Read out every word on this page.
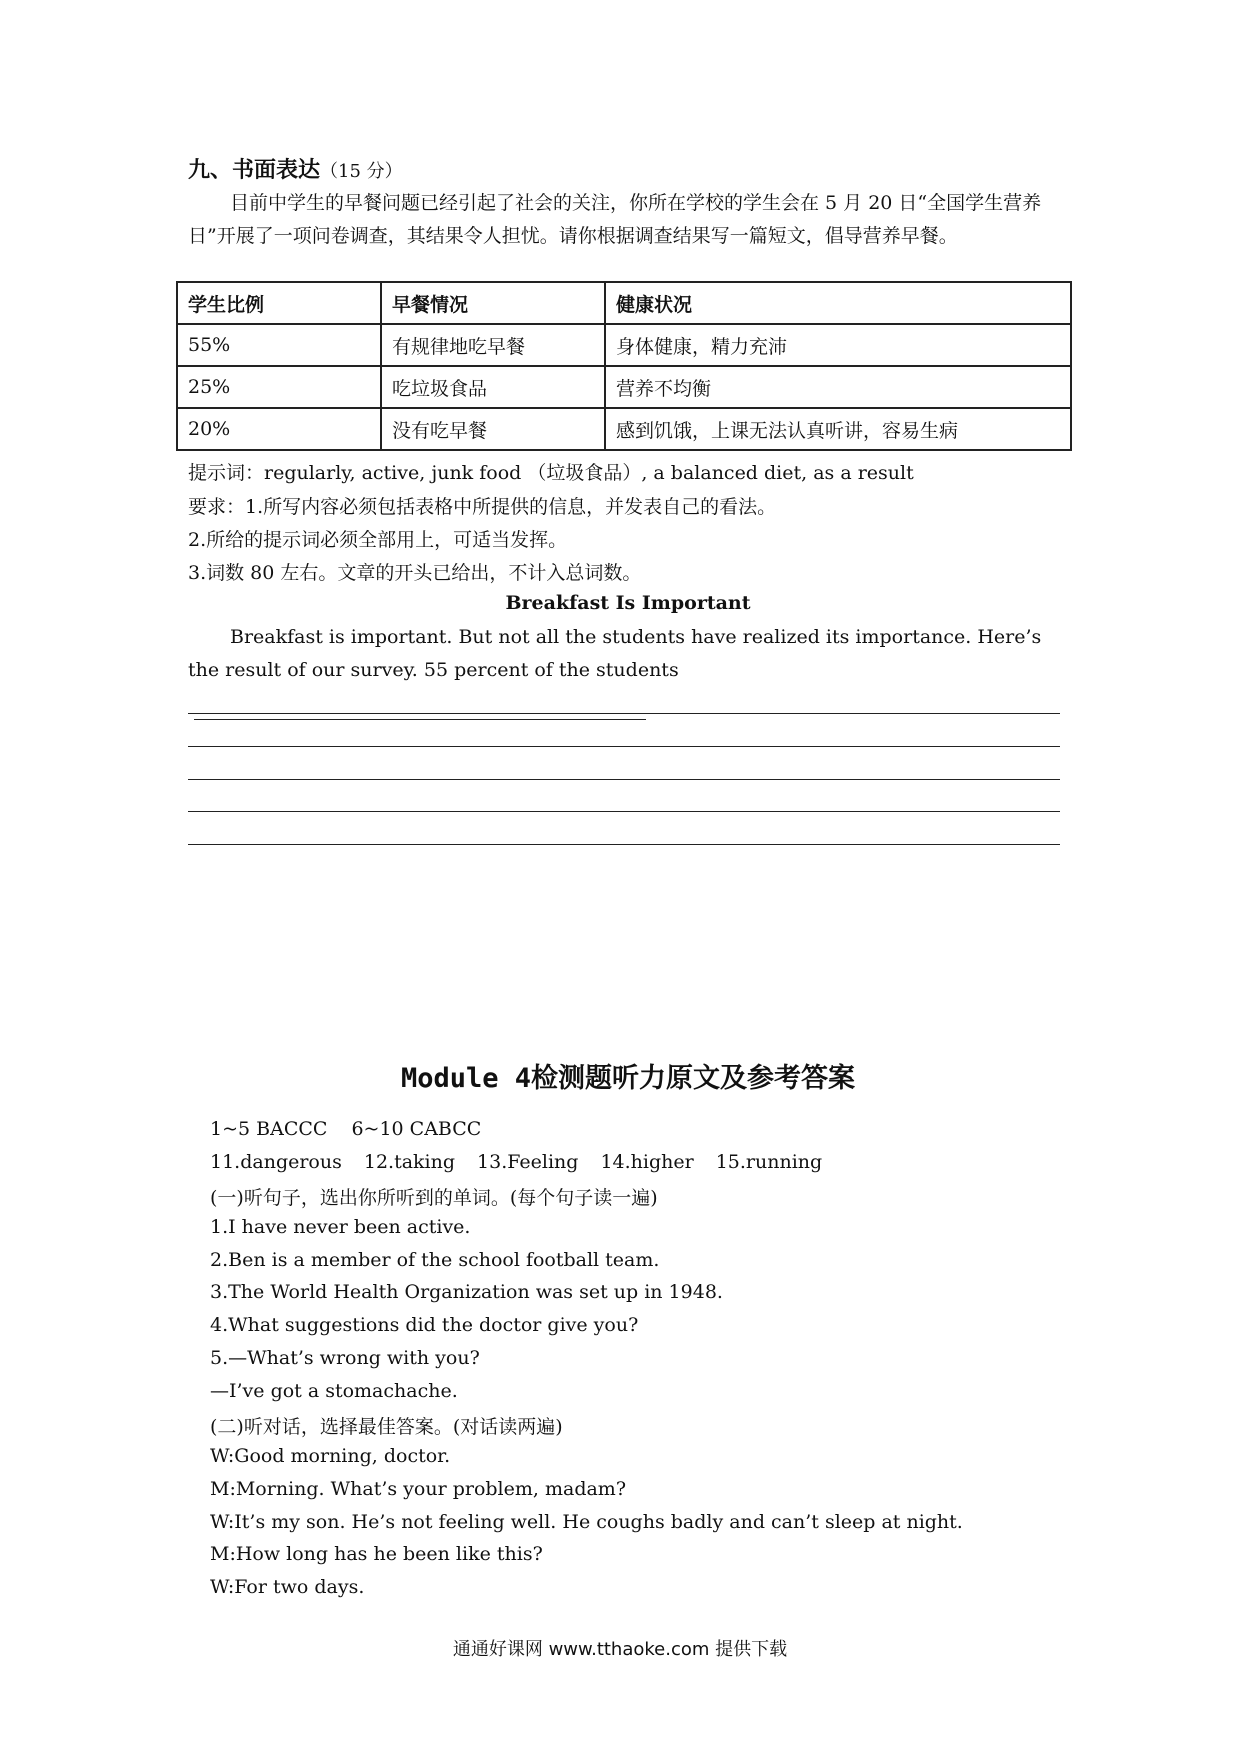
九、书面表达（15 分）

目前中学生的早餐问题已经引起了社会的关注，你所在学校的学生会在 5 月 20 日“全国学生营养日”开展了一项问卷调查，其结果令人担忧。请你根据调查结果写一篇短文，倡导营养早餐。

学生比例	早餐情况	健康状况
55%	有规律地吃早餐	身体健康，精力充沛
25%	吃垃圾食品	营养不均衡
20%	没有吃早餐	感到饥饿，上课无法认真听讲，容易生病
提示词：regularly, active, junk food （垃圾食品）, a balanced diet, as a result
要求：1.所写内容必须包括表格中所提供的信息，并发表自己的看法。
2.所给的提示词必须全部用上，可适当发挥。
3.词数 80 左右。文章的开头已给出，不计入总词数。
Breakfast Is Important

Breakfast is important. But not all the students have realized its importance. Here’s the result of our survey. 55 percent of the students

Module 4检测题听力原文及参考答案
1~5 BACCC 6~10 CABCC
11.dangerous 12.taking 13.Feeling 14.higher 15.running
(一)听句子，选出你所听到的单词。(每个句子读一遍)
1.I have never been active.
2.Ben is a member of the school football team.
3.The World Health Organization was set up in 1948.
4.What suggestions did the doctor give you?
5.—What’s wrong with you?
—I’ve got a stomachache.
(二)听对话，选择最佳答案。(对话读两遍)
W:Good morning, doctor.
M:Morning. What’s your problem, madam?
W:It’s my son. He’s not feeling well. He coughs badly and can’t sleep at night.
M:How long has he been like this?
W:For two days.
通通好课网 www.tthaoke.com 提供下载
